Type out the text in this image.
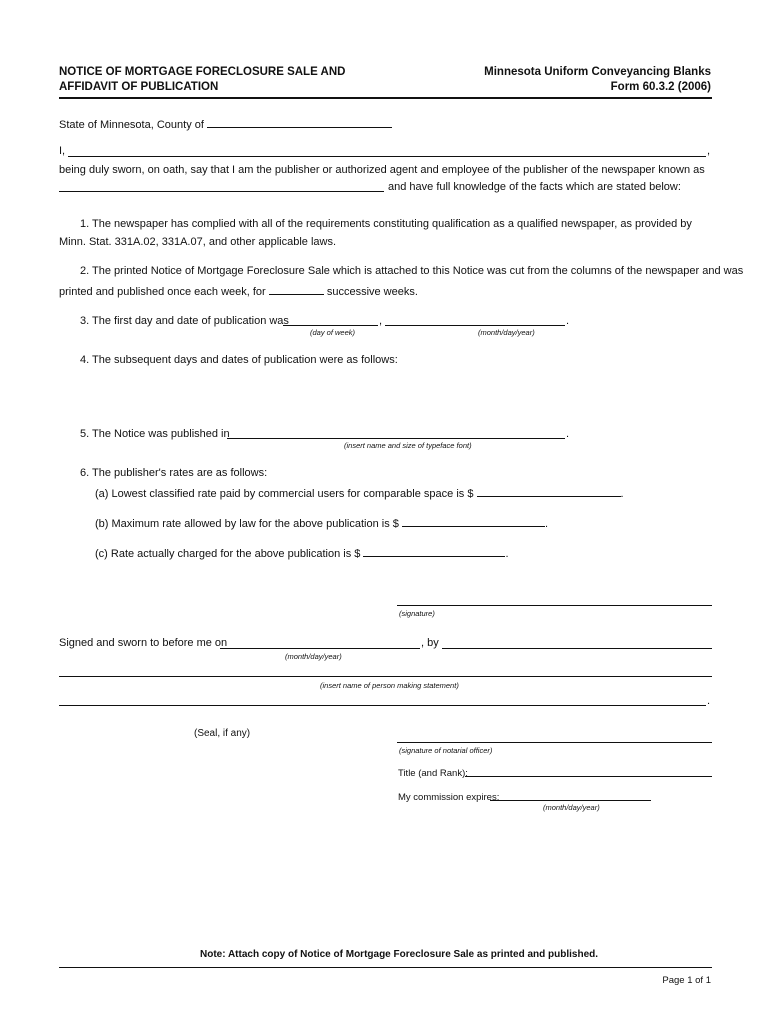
NOTICE OF MORTGAGE FORECLOSURE SALE AND
AFFIDAVIT OF PUBLICATION
Minnesota Uniform Conveyancing Blanks
Form 60.3.2 (2006)
State of Minnesota, County of
I,	,
being duly sworn, on oath, say that I am the publisher or authorized agent and employee of the publisher of the newspaper known as
and have full knowledge of the facts which are stated below:
1. The newspaper has complied with all of the requirements constituting qualification as a qualified newspaper, as provided by
Minn. Stat. 331A.02, 331A.07, and other applicable laws.
2. The printed Notice of Mortgage Foreclosure Sale which is attached to this Notice was cut from the columns of the newspaper and was
printed and published once each week, for	successive weeks.
3. The first day and date of publication was	,	.
(day of week)	(month/day/year)
4. The subsequent days and dates of publication were as follows:
5. The Notice was published in	.
(insert name and size of typeface font)
6. The publisher's rates are as follows:
(a) Lowest classified rate paid by commercial users for comparable space is $	.
(b) Maximum rate allowed by law for the above publication is $	.
(c) Rate actually charged for the above publication is $	.
(signature)
Signed and sworn to before me on	, by
(month/day/year)
(insert name of person making statement)
.
(Seal, if any)
(signature of notarial officer)
Title (and Rank):
My commission expires:
(month/day/year)
Note: Attach copy of Notice of Mortgage Foreclosure Sale as printed and published.
Page 1 of 1
